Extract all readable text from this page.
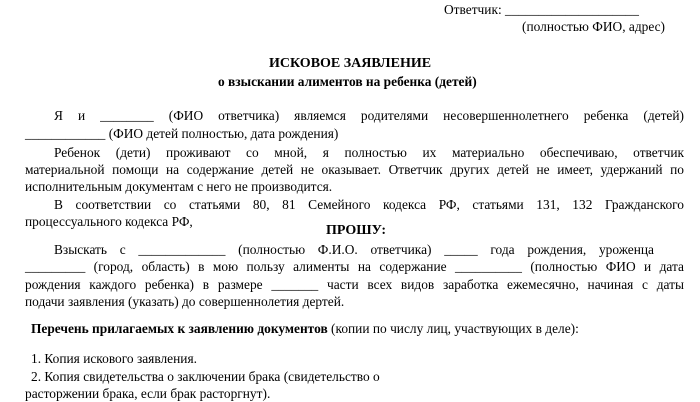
Ответчик: ____________________
(полностью ФИО, адрес)
ИСКОВОЕ ЗАЯВЛЕНИЕ
о взыскании алиментов на ребенка (детей)
Я и ________ (ФИО ответчика) являемся родителями несовершеннолетнего ребенка (детей)
____________ (ФИО детей полностью, дата рождения)
Ребенок (дети) проживают со мной, я полностью их материально обеспечиваю, ответчик
материальной помощи на содержание детей не оказывает. Ответчик других детей не имеет, удержаний по
исполнительным документам с него не производится.
В соответствии со статьями 80, 81 Семейного кодекса РФ, статьями 131, 132 Гражданского
процессуального кодекса РФ,
ПРОШУ:
Взыскать с _____________ (полностью Ф.И.О. ответчика) _____ года рождения, уроженца
_________ (город, область) в мою пользу алименты на содержание __________ (полностью ФИО и дата
рождения каждого ребенка) в размере _______ части всех видов заработка ежемесячно, начиная с даты
подачи заявления (указать) до совершеннолетия дертей.
Перечень прилагаемых к заявлению документов (копии по числу лиц, участвующих в деле):
1. Копия искового заявления.
2. Копия свидетельства о заключении брака (свидетельство о
расторжении брака, если брак расторгнут).
